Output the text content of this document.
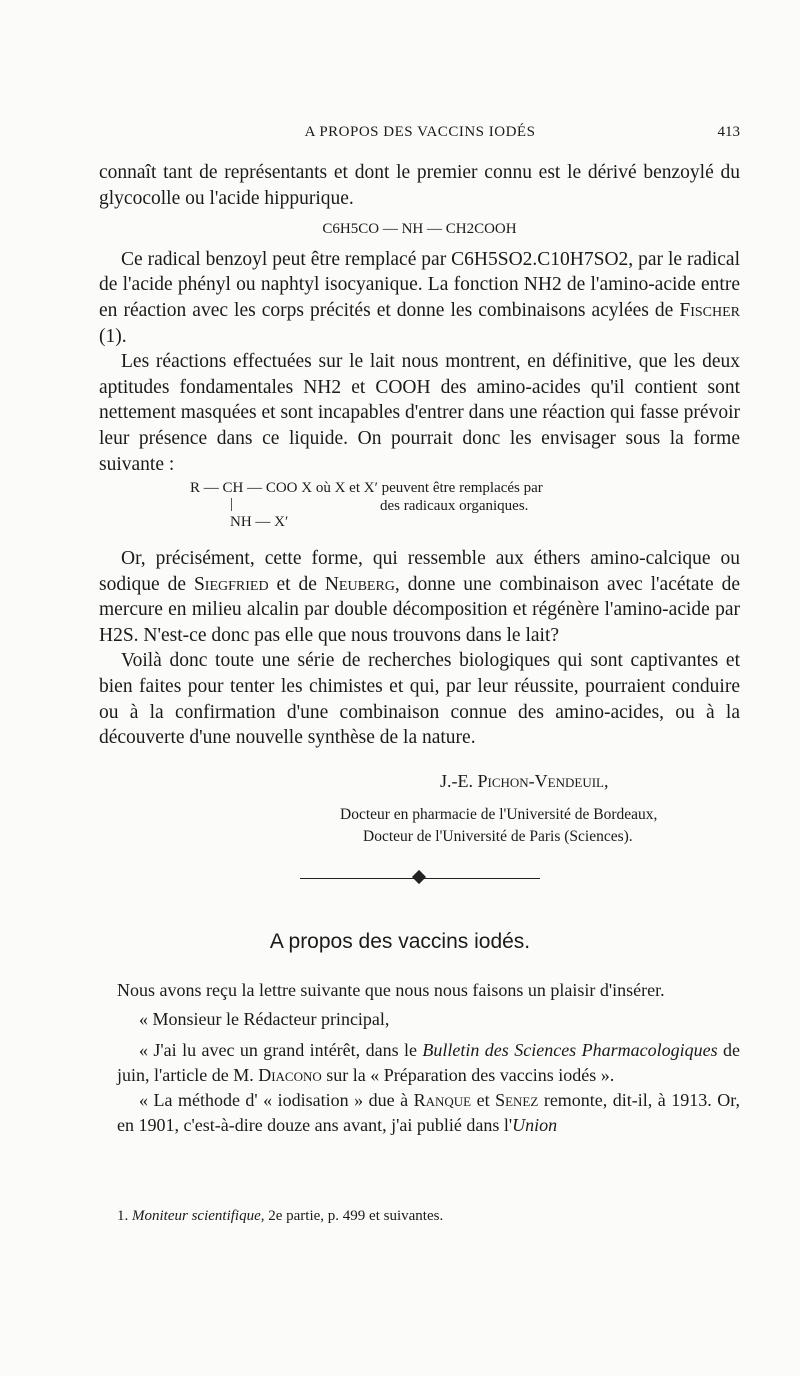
A PROPOS DES VACCINS IODÉS	413

connaît tant de représentants et dont le premier connu est le dérivé benzoylé du glycocolle ou l'acide hippurique.

C6H5CO — NH — CH2COOH

Ce radical benzoyl peut être remplacé par C6H5SO2.C10H7SO2, par le radical de l'acide phényl ou naphtyl isocyanique. La fonction NH2 de l'amino-acide entre en réaction avec les corps précités et donne les combinaisons acylées de Fischer (1).

Les réactions effectuées sur le lait nous montrent, en définitive, que les deux aptitudes fondamentales NH2 et COOH des amino-acides qu'il contient sont nettement masquées et sont incapables d'entrer dans une réaction qui fasse prévoir leur présence dans ce liquide. On pourrait donc les envisager sous la forme suivante :

R — CH — COO X où X et X′ peuvent être remplacés par
|	des radicaux organiques.
NH — X′

Or, précisément, cette forme, qui ressemble aux éthers amino-calcique ou sodique de Siegfried et de Neuberg, donne une combinaison avec l'acétate de mercure en milieu alcalin par double décomposition et régénère l'amino-acide par H2S. N'est-ce donc pas elle que nous trouvons dans le lait?

Voilà donc toute une série de recherches biologiques qui sont captivantes et bien faites pour tenter les chimistes et qui, par leur réussite, pourraient conduire ou à la confirmation d'une combinaison connue des amino-acides, ou à la découverte d'une nouvelle synthèse de la nature.

J.-E. Pichon-Vendeuil,
Docteur en pharmacie de l'Université de Bordeaux,
Docteur de l'Université de Paris (Sciences).
A propos des vaccins iodés.

Nous avons reçu la lettre suivante que nous nous faisons un plaisir d'insérer.

« Monsieur le Rédacteur principal,

« J'ai lu avec un grand intérêt, dans le Bulletin des Sciences Pharmacologiques de juin, l'article de M. Diacono sur la « Préparation des vaccins iodés ».

« La méthode d' « iodisation » due à Ranque et Senez remonte, dit-il, à 1913. Or, en 1901, c'est-à-dire douze ans avant, j'ai publié dans l'Union

1. Moniteur scientifique, 2e partie, p. 499 et suivantes.
